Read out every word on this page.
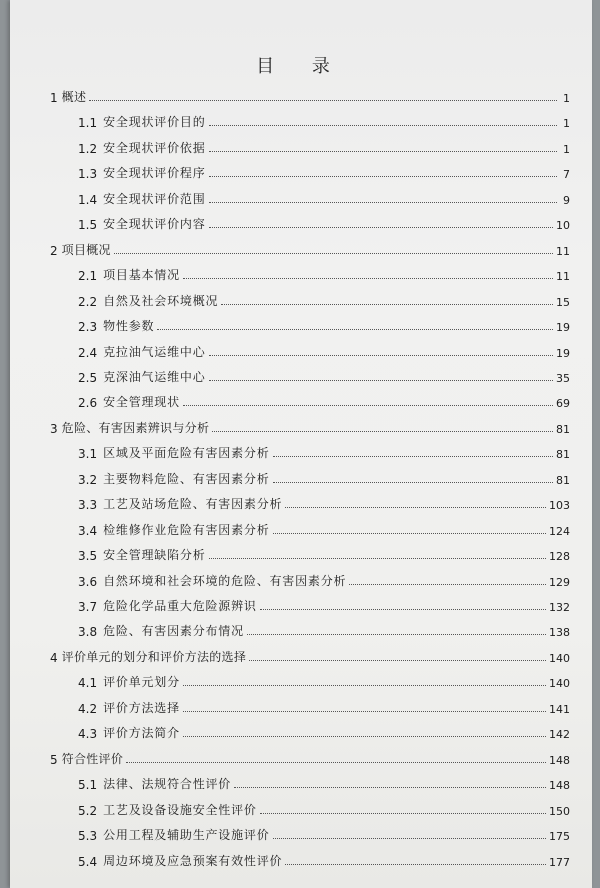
目 录
1 概述	1
1.1 安全现状评价目的	1
1.2 安全现状评价依据	1
1.3 安全现状评价程序	7
1.4 安全现状评价范围	9
1.5 安全现状评价内容	10
2 项目概况	11
2.1 项目基本情况	11
2.2 自然及社会环境概况	15
2.3 物性参数	19
2.4 克拉油气运维中心	19
2.5 克深油气运维中心	35
2.6 安全管理现状	69
3 危险、有害因素辨识与分析	81
3.1 区域及平面危险有害因素分析	81
3.2 主要物料危险、有害因素分析	81
3.3 工艺及站场危险、有害因素分析	103
3.4 检维修作业危险有害因素分析	124
3.5 安全管理缺陷分析	128
3.6 自然环境和社会环境的危险、有害因素分析	129
3.7 危险化学品重大危险源辨识	132
3.8 危险、有害因素分布情况	138
4 评价单元的划分和评价方法的选择	140
4.1 评价单元划分	140
4.2 评价方法选择	141
4.3 评价方法简介	142
5 符合性评价	148
5.1 法律、法规符合性评价	148
5.2 工艺及设备设施安全性评价	150
5.3 公用工程及辅助生产设施评价	175
5.4 周边环境及应急预案有效性评价	177
